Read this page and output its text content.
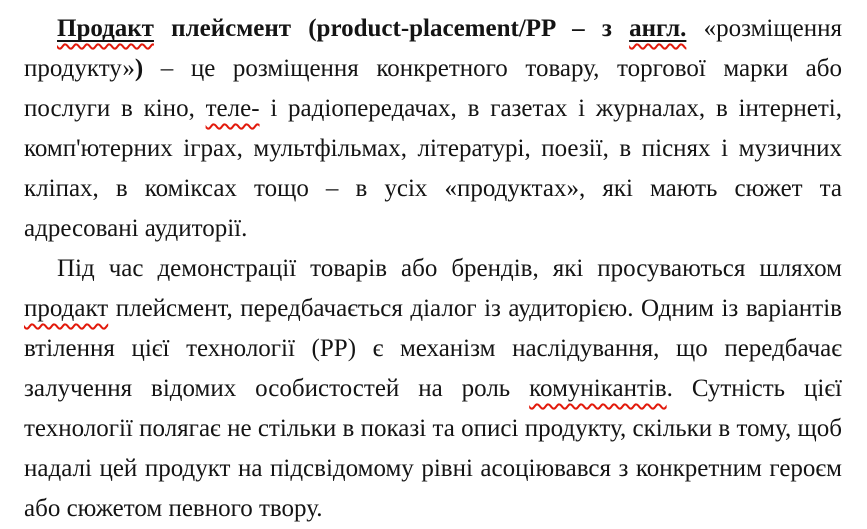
Продакт плейсмент (product-placement/PP – з англ. «розміщення продукту») – це розміщення конкретного товару, торгової марки або послуги в кіно, теле- і радіопередачах, в газетах і журналах, в інтернеті, комп'ютерних іграх, мультфільмах, літературі, поезії, в піснях і музичних кліпах, в коміксах тощо – в усіх «продуктах», які мають сюжет та адресовані аудиторії.

Під час демонстрації товарів або брендів, які просуваються шляхом продакт плейсмент, передбачається діалог із аудиторією. Одним із варіантів втілення цієї технології (PP) є механізм наслідування, що передбачає залучення відомих особистостей на роль комунікантів. Сутність цієї технології полягає не стільки в показі та описі продукту, скільки в тому, щоб надалі цей продукт на підсвідомому рівні асоціювався з конкретним героєм або сюжетом певного твору.
